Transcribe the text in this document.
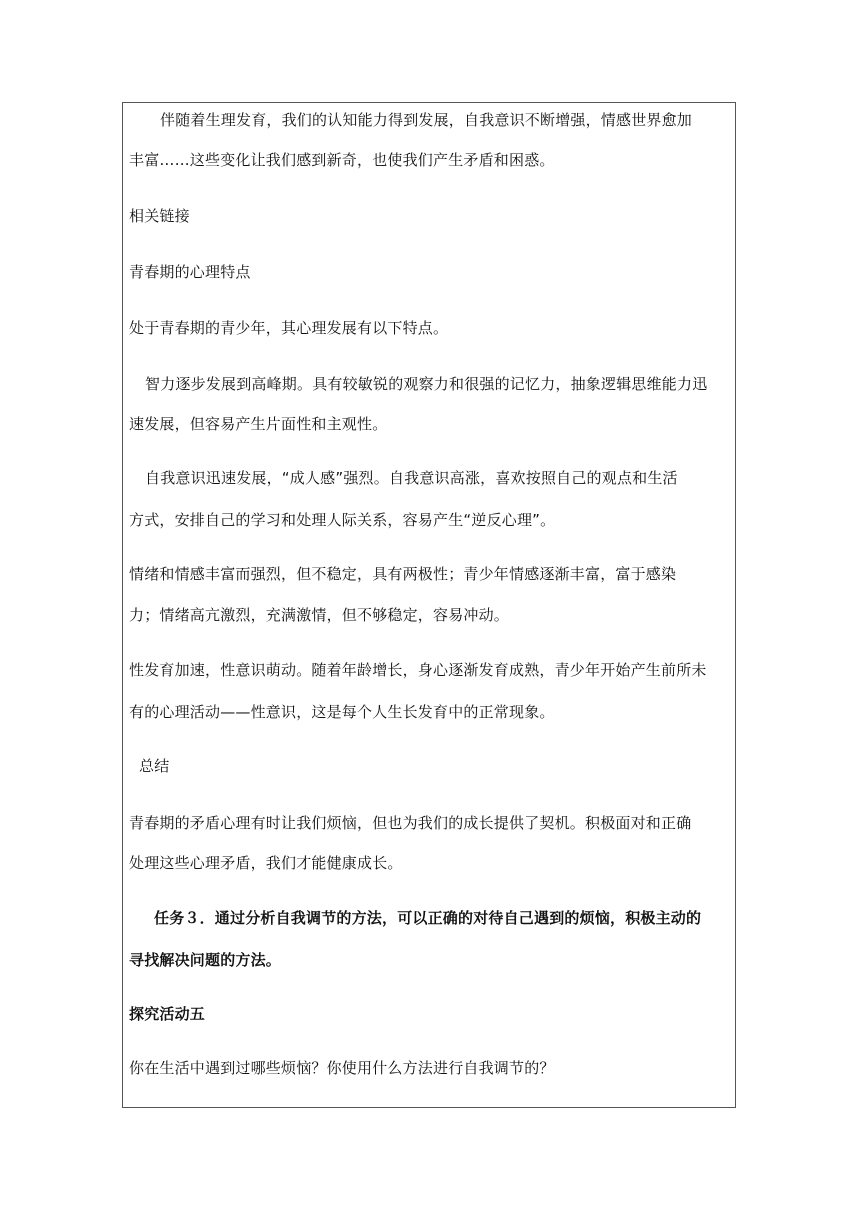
伴随着生理发育，我们的认知能力得到发展，自我意识不断增强，情感世界愈加
丰富……这些变化让我们感到新奇，也使我们产生矛盾和困惑。
相关链接
青春期的心理特点
处于青春期的青少年，其心理发展有以下特点。
智力逐步发展到高峰期。具有较敏锐的观察力和很强的记忆力，抽象逻辑思维能力迅
速发展，但容易产生片面性和主观性。
自我意识迅速发展，“成人感”强烈。自我意识高涨，喜欢按照自己的观点和生活
方式，安排自己的学习和处理人际关系，容易产生“逆反心理”。
情绪和情感丰富而强烈，但不稳定，具有两极性；青少年情感逐渐丰富，富于感染
力；情绪高亢激烈，充满激情，但不够稳定，容易冲动。
性发育加速，性意识萌动。随着年龄增长，身心逐渐发育成熟，青少年开始产生前所未
有的心理活动——性意识，这是每个人生长发育中的正常现象。
总结
青春期的矛盾心理有时让我们烦恼，但也为我们的成长提供了契机。积极面对和正确
处理这些心理矛盾，我们才能健康成长。
任务３．通过分析自我调节的方法，可以正确的对待自己遇到的烦恼，积极主动的
寻找解决问题的方法。
探究活动五
你在生活中遇到过哪些烦恼？你使用什么方法进行自我调节的？
